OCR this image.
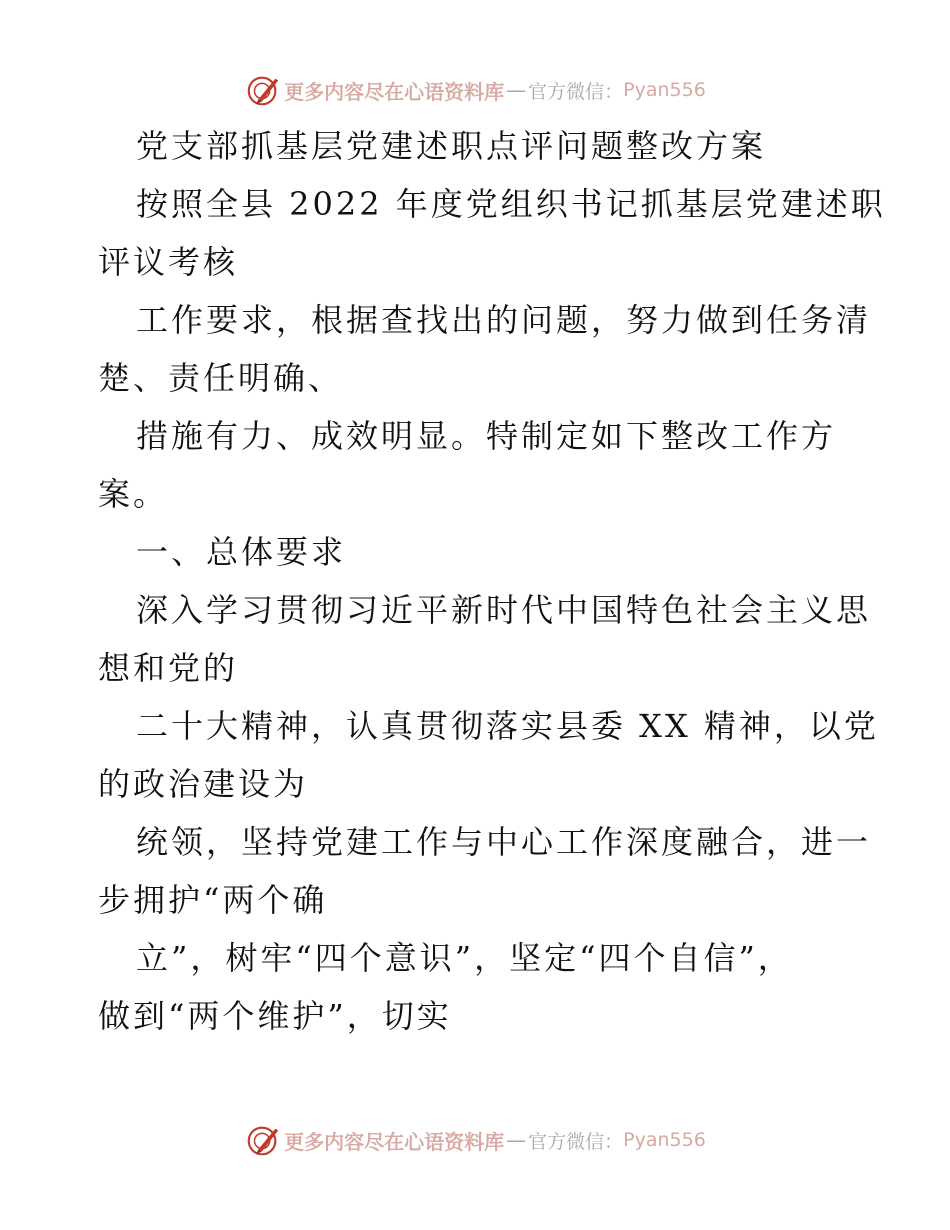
更多内容尽在心语资料库 — 官方微信： Pyan556
党支部抓基层党建述职点评问题整改方案
按照全县 2022 年度党组织书记抓基层党建述职
评议考核
工作要求，根据查找出的问题，努力做到任务清
楚、责任明确、
措施有力、成效明显。特制定如下整改工作方
案。
一、总体要求
深入学习贯彻习近平新时代中国特色社会主义思
想和党的
二十大精神，认真贯彻落实县委 XX 精神，以党
的政治建设为
统领，坚持党建工作与中心工作深度融合，进一
步拥护“两个确
立”，树牢“四个意识”，坚定“四个自信”，
做到“两个维护”，切实
更多内容尽在心语资料库 — 官方微信： Pyan556
